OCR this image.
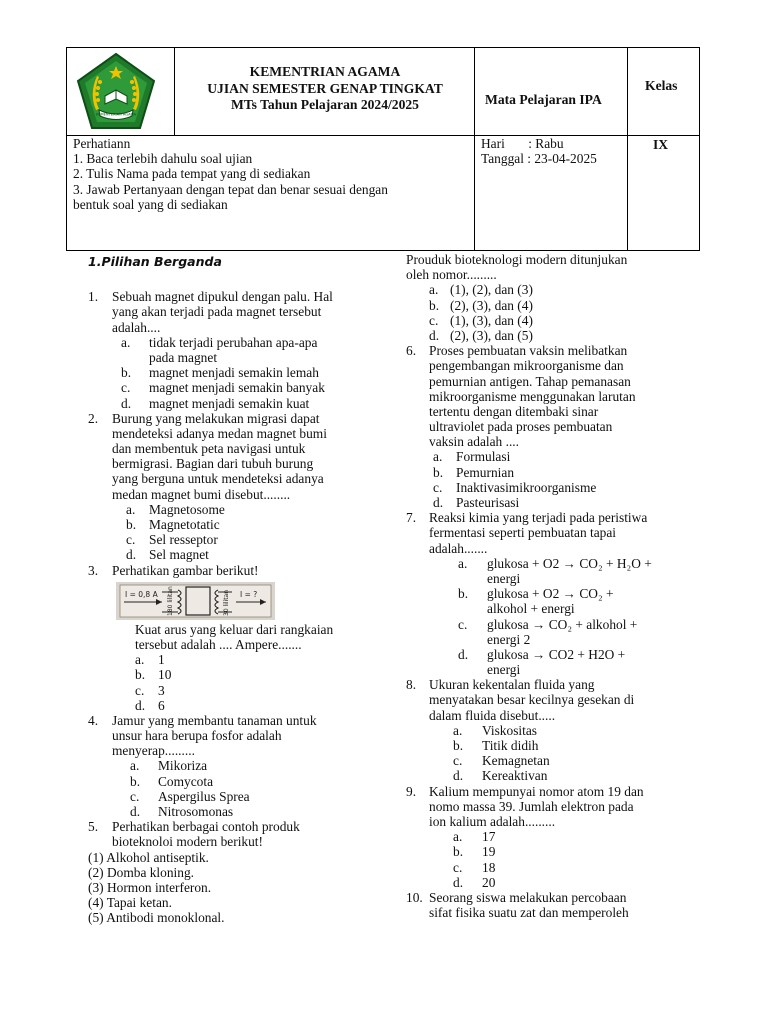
KEMENTERIAN AGAMA
KEMENTRIAN AGAMA
UJIAN SEMESTER GENAP TINGKAT
MTs Tahun Pelajaran 2024/2025	Mata Pelajaran IPA
Kelas
IX
Perhatiann
1. Baca terlebih dahulu soal ujian
2. Tulis Nama pada tempat yang di sediakan
3. Jawab Pertanyaan dengan tepat dan benar sesuai dengan
bentuk soal yang di sediakan
Hari       : Rabu
Tanggal : 23-04-2025
1.Pilihan Berganda
1. Sebuah magnet dipukul dengan palu. Hal
yang akan terjadi pada magnet tersebut
adalah....
a. tidak terjadi perubahan apa-apa
pada magnet
b. magnet menjadi semakin lemah
c. magnet menjadi semakin banyak
d. magnet menjadi semakin kuat
2. Burung yang melakukan migrasi dapat
mendeteksi adanya medan magnet bumi
dan membentuk peta navigasi untuk
bermigrasi. Bagian dari tubuh burung
yang berguna untuk mendeteksi adanya
medan magnet bumi disebut........
a. Magnetosome
b. Magnetotatic
c. Sel resseptor
d. Sel magnet
3. Perhatikan gambar berikut!
I = 0,8 A 180 lilitan	30 lilitan I = ?
Kuat arus yang keluar dari rangkaian
tersebut adalah .... Ampere.......
a. 1
b. 10
c. 3
d. 6
4. Jamur yang membantu tanaman untuk
unsur hara berupa fosfor adalah
menyerap.........
a. Mikoriza
b. Comycota
c. Aspergilus Sprea
d. Nitrosomonas
5. Perhatikan berbagai contoh produk
bioteknoloi modern berikut!
(1) Alkohol antiseptik.
(2) Domba kloning.
(3) Hormon interferon.
(4) Tapai ketan.
(5) Antibodi monoklonal.
Prouduk bioteknologi modern ditunjukan
oleh nomor.........
a. (1), (2), dan (3)
b. (2), (3), dan (4)
c. (1), (3), dan (4)
d. (2), (3), dan (5)
6. Proses pembuatan vaksin melibatkan
pengembangan mikroorganisme dan
pemurnian antigen. Tahap pemanasan
mikroorganisme menggunakan larutan
tertentu dengan ditembaki sinar
ultraviolet pada proses pembuatan
vaksin adalah ....
a. Formulasi
b. Pemurnian
c. Inaktivasimikroorganisme
d. Pasteurisasi
7. Reaksi kimia yang terjadi pada peristiwa
fermentasi seperti pembuatan tapai
adalah.......
a. glukosa + O2 → CO₂ + H₂O +
energi
b. glukosa + O2 → CO₂ +
alkohol + energi
c. glukosa → CO₂ + alkohol +
energi 2
d. glukosa → CO2 + H2O +
energi
8. Ukuran kekentalan fluida yang
menyatakan besar kecilnya gesekan di
dalam fluida disebut.....
a. Viskositas
b. Titik didih
c. Kemagnetan
d. Kereaktivan
9. Kalium mempunyai nomor atom 19 dan
nomo massa 39. Jumlah elektron pada
ion kalium adalah.........
a. 17
b. 19
c. 18
d. 20
10. Seorang siswa melakukan percobaan
sifat fisika suatu zat dan memperoleh
